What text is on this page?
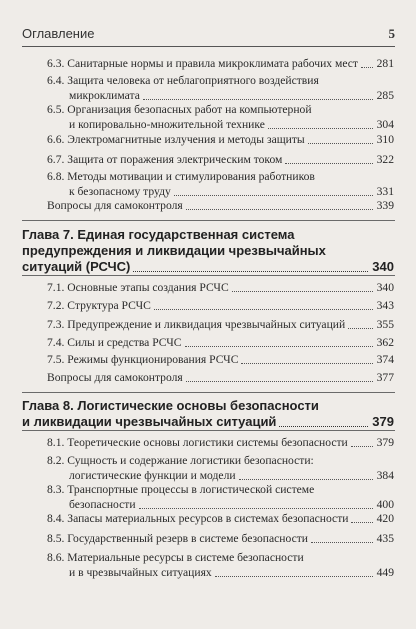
Оглавление	5
6.3. Санитарные нормы и правила микроклимата рабочих мест 281
6.4. Защита человека от неблагоприятного воздействия
микроклимата	285
6.5. Организация безопасных работ на компьютерной
и копировально-множительной технике	304
6.6. Электромагнитные излучения и методы защиты	310
6.7. Защита от поражения электрическим током	322
6.8. Методы мотивации и стимулирования работников
к безопасному труду	331
Вопросы для самоконтроля	339
Глава 7. Единая государственная система
предупреждения и ликвидации чрезвычайных
ситуаций (РСЧС)	340
7.1. Основные этапы создания РСЧС	340
7.2. Структура РСЧС	343
7.3. Предупреждение и ликвидация чрезвычайных ситуаций	355
7.4. Силы и средства РСЧС	362
7.5. Режимы функционирования РСЧС	374
Вопросы для самоконтроля	377
Глава 8. Логистические основы безопасности
и ликвидации чрезвычайных ситуаций	379
8.1. Теоретические основы логистики системы безопасности 379
8.2. Сущность и содержание логистики безопасности:
логистические функции и модели	384
8.3. Транспортные процессы в логистической системе
безопасности	400
8.4. Запасы материальных ресурсов в системах безопасности 420
8.5. Государственный резерв в системе безопасности	435
8.6. Материальные ресурсы в системе безопасности
и в чрезвычайных ситуациях	449
